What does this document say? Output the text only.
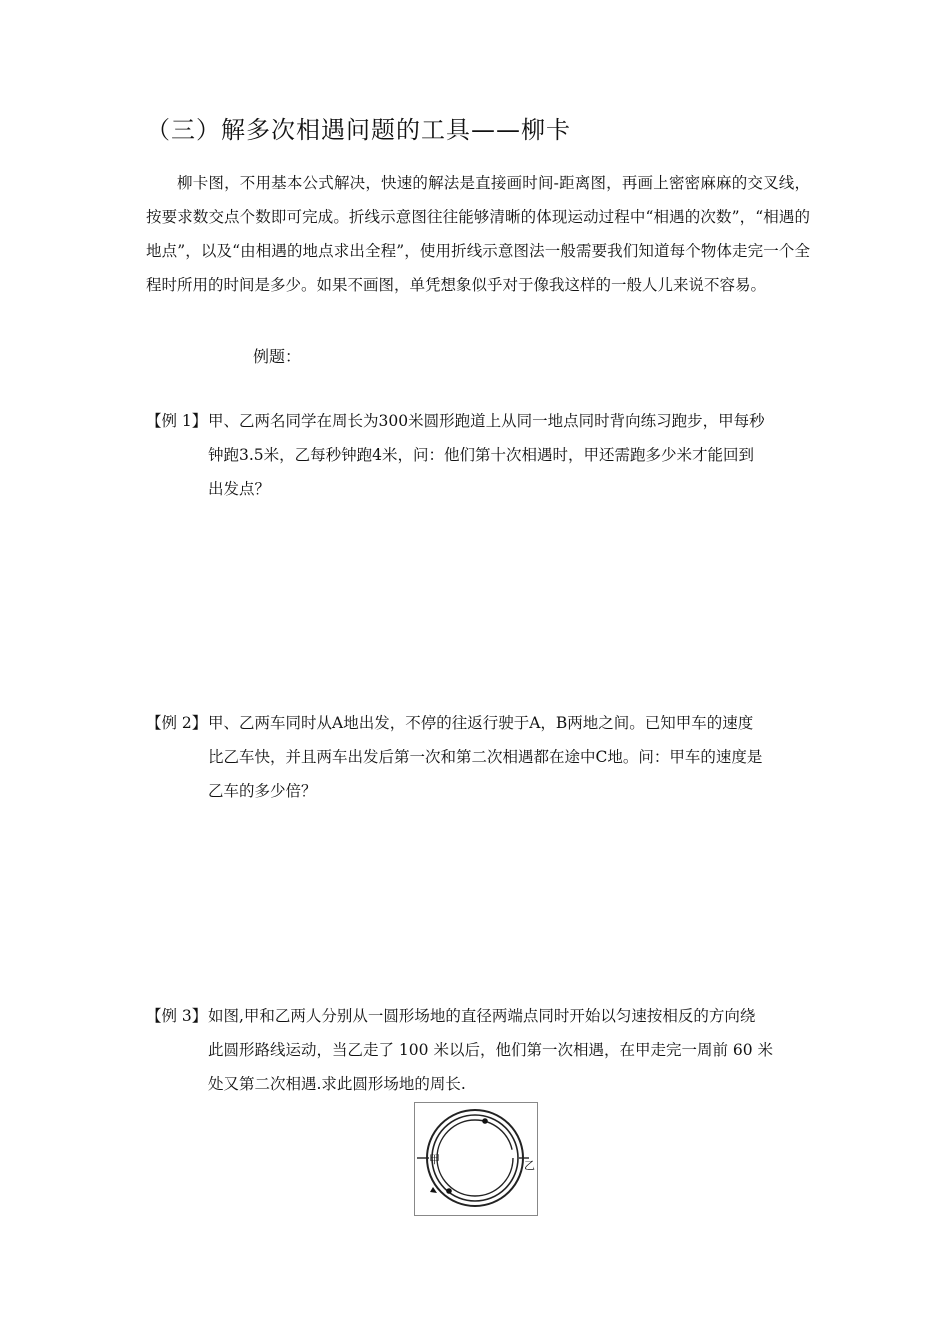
（三）解多次相遇问题的工具——柳卡
柳卡图，不用基本公式解决，快速的解法是直接画时间-距离图，再画上密密麻麻的交叉线，按要求数交点个数即可完成。折线示意图往往能够清晰的体现运动过程中“相遇的次数”，“相遇的地点”，以及“由相遇的地点求出全程”，使用折线示意图法一般需要我们知道每个物体走完一个全程时所用的时间是多少。如果不画图，单凭想象似乎对于像我这样的一般人儿来说不容易。
例题：
【例 1】 甲、乙两名同学在周长为300米圆形跑道上从同一地点同时背向练习跑步，甲每秒
钟跑3.5米，乙每秒钟跑4米，问：他们第十次相遇时，甲还需跑多少米才能回到
出发点？
【例 2】 甲、乙两车同时从A地出发，不停的往返行驶于A，B两地之间。已知甲车的速度
比乙车快，并且两车出发后第一次和第二次相遇都在途中C地。问：甲车的速度是
乙车的多少倍？
【例 3】 如图,甲和乙两人分别从一圆形场地的直径两端点同时开始以匀速按相反的方向绕
此圆形路线运动，当乙走了 100 米以后，他们第一次相遇，在甲走完一周前 60 米
处又第二次相遇.求此圆形场地的周长.
甲	乙
